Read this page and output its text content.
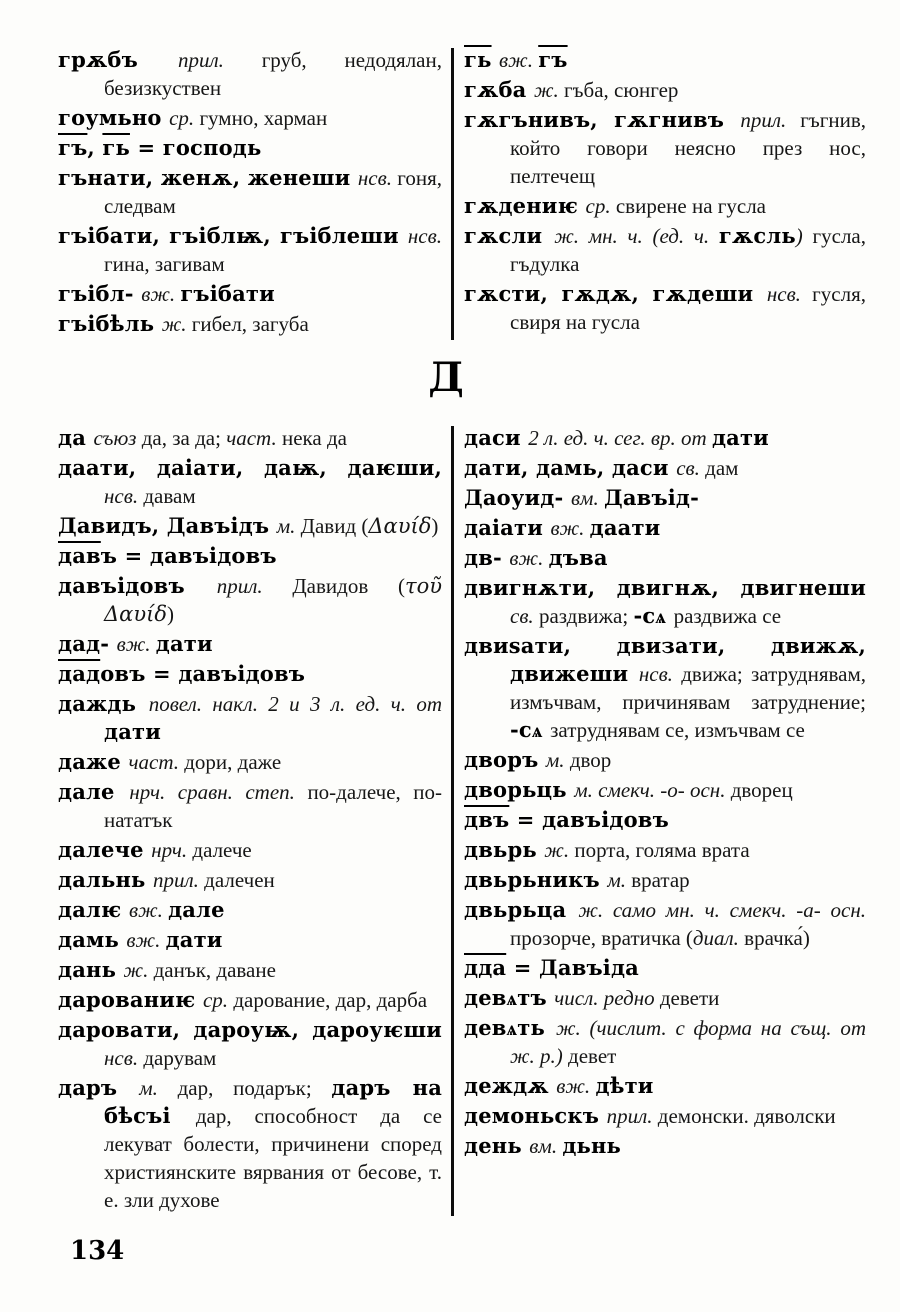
грѫбъ прил. груб, недодялан, безизкуствен

гоумьно ср. гумно, харман

гъ, гь = господь

гънати, женѫ, женеши нсв. гоня, следвам

гъібати, гъіблѭ, гъіблеши нсв. гина, загивам

гъібл- вж. гъібати

гъібѣль ж. гибел, загуба

гь вж. гъ

гѫба ж. гъба, сюнгер

гѫгънивъ, гѫгнивъ прил. гъгнив, който говори неясно през нос, пелтечещ

гѫдениѥ ср. свирене на гусла

гѫсли ж. мн. ч. (ед. ч. гѫсль) гусла, гъдулка

гѫсти, гѫдѫ, гѫдеши нсв. гусля, свиря на гусла

Д

да съюз да, за да; част. нека да

даати, даіати, даѭ, даѥши, нсв. давам

Давидъ, Давъідъ м. Давид (Δαυίδ)

давъ = давъідовъ

давъідовъ прил. Давидов (τοῦ Δαυίδ)

дад- вж. дати

дадовъ = давъідовъ

даждь повел. накл. 2 и 3 л. ед. ч. от дати

даже част. дори, даже

дале нрч. сравн. степ. по-далече, по-нататък

далече нрч. далече

дальнь прил. далечен

далѥ вж. дале

дамь вж. дати

дань ж. данък, даване

дарованиѥ ср. дарование, дар, дарба

даровати, дароуѭ, дароуѥши нсв. дарувам

даръ м. дар, подарък; даръ на бѣсъі дар, способност да се лекуват болести, причинени според християнските вярвания от бесове, т. е. зли духове

даси 2 л. ед. ч. сег. вр. от дати

дати, дамь, даси св. дам

Даоуид- вм. Давъід-

даіати вж. даати

дв- вж. дъва

двигнѫти, двигнѫ, двигнеши св. раздвижа; -сѧ раздвижа се

двиѕати, двизати, движѫ, движеши нсв. движа; затруднявам, измъчвам, причинявам затруднение; -сѧ затруднявам се, измъчвам се

дворъ м. двор

дворьць м. смекч. -о- осн. дворец

двъ = давъідовъ

двьрь ж. порта, голяма врата

двьрьникъ м. вратар

двьрьца ж. само мн. ч. смекч. -а- осн. прозорче, вратичка (диал. врачка́)

дда = Давъіда

девѧтъ числ. редно девети

девѧть ж. (числит. с форма на същ. от ж. р.) девет

деждѫ вж. дѣти

демоньскъ прил. демонски. дяволски

день вм. дьнь

134
